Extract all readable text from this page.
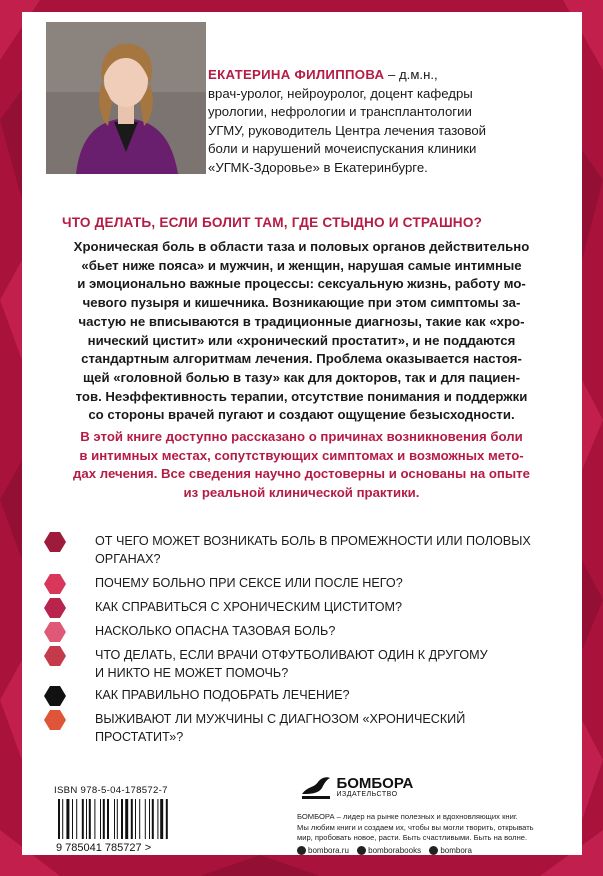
ЕКАТЕРИНА ФИЛИППОВА – д.м.н.,
врач-уролог, нейроуролог, доцент кафедры
урологии, нефрологии и трансплантологии
УГМУ, руководитель Центра лечения тазовой
боли и нарушений мочеиспускания клиники
«УГМК-Здоровье» в Екатеринбурге.
ЧТО ДЕЛАТЬ, ЕСЛИ БОЛИТ ТАМ, ГДЕ СТЫДНО И СТРАШНО?
Хроническая боль в области таза и половых органов действительно
«бьет ниже пояса» и мужчин, и женщин, нарушая самые интимные
и эмоционально важные процессы: сексуальную жизнь, работу мо-
чевого пузыря и кишечника. Возникающие при этом симптомы за-
частую не вписываются в традиционные диагнозы, такие как «хро-
нический цистит» или «хронический простатит», и не поддаются
стандартным алгоритмам лечения. Проблема оказывается настоя-
щей «головной болью в тазу» как для докторов, так и для пациен-
тов. Неэффективность терапии, отсутствие понимания и поддержки
со стороны врачей пугают и создают ощущение безысходности.
В этой книге доступно рассказано о причинах возникновения боли
в интимных местах, сопутствующих симптомах и возможных мето-
дах лечения. Все сведения научно достоверны и основаны на опыте
из реальной клинической практики.
ОТ ЧЕГО МОЖЕТ ВОЗНИКАТЬ БОЛЬ В ПРОМЕЖНОСТИ ИЛИ ПОЛОВЫХ
ОРГАНАХ?
ПОЧЕМУ БОЛЬНО ПРИ СЕКСЕ ИЛИ ПОСЛЕ НЕГО?
КАК СПРАВИТЬСЯ С ХРОНИЧЕСКИМ ЦИСТИТОМ?
НАСКОЛЬКО ОПАСНА ТАЗОВАЯ БОЛЬ?
ЧТО ДЕЛАТЬ, ЕСЛИ ВРАЧИ ОТФУТБОЛИВАЮТ ОДИН К ДРУГОМУ
И НИКТО НЕ МОЖЕТ ПОМОЧЬ?
КАК ПРАВИЛЬНО ПОДОБРАТЬ ЛЕЧЕНИЕ?
ВЫЖИВАЮТ ЛИ МУЖЧИНЫ С ДИАГНОЗОМ «ХРОНИЧЕСКИЙ
ПРОСТАТИТ»?
ISBN 978-5-04-178572-7
9 785041 785727 >

БОМБОРА
ИЗДАТЕЛЬСТВО
БОМБОРА – лидер на рынке полезных и вдохновляющих книг.
Мы любим книги и создаем их, чтобы вы могли творить, открывать
мир, пробовать новое, расти. Быть счастливыми. Быть на волне.
bombora.ru bomborabooks bombora
